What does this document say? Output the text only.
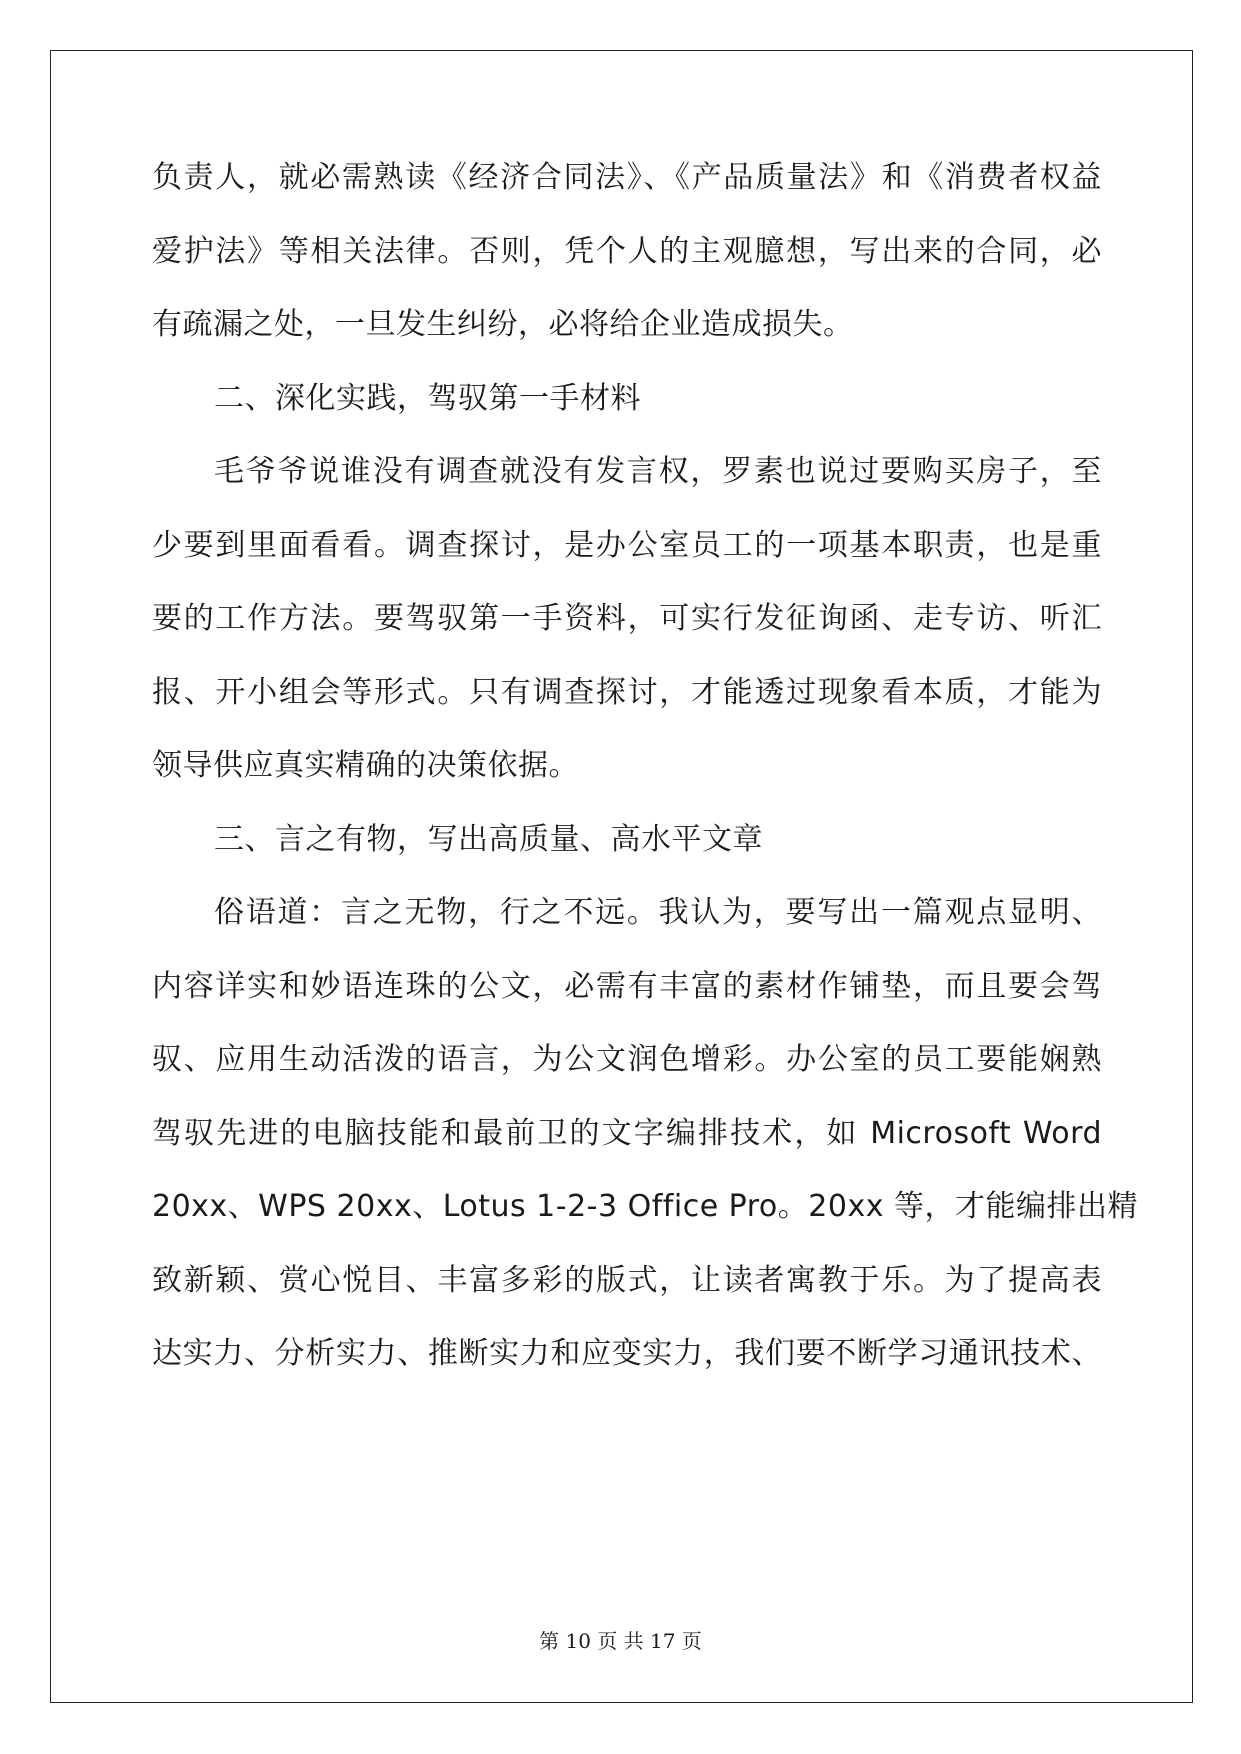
负责人，就必需熟读《经济合同法》、《产品质量法》和《消费者权益
爱护法》等相关法律。否则，凭个人的主观臆想，写出来的合同，必
有疏漏之处，一旦发生纠纷，必将给企业造成损失。
二、深化实践，驾驭第一手材料
毛爷爷说谁没有调查就没有发言权，罗素也说过要购买房子，至
少要到里面看看。调查探讨，是办公室员工的一项基本职责，也是重
要的工作方法。要驾驭第一手资料，可实行发征询函、走专访、听汇
报、开小组会等形式。只有调查探讨，才能透过现象看本质，才能为
领导供应真实精确的决策依据。
三、言之有物，写出高质量、高水平文章
俗语道：言之无物，行之不远。我认为，要写出一篇观点显明、
内容详实和妙语连珠的公文，必需有丰富的素材作铺垫，而且要会驾
驭、应用生动活泼的语言，为公文润色增彩。办公室的员工要能娴熟
驾驭先进的电脑技能和最前卫的文字编排技术，如 Microsoft Word
20xx、WPS 20xx、Lotus 1-2-3 Office Pro。20xx 等，才能编排出精
致新颖、赏心悦目、丰富多彩的版式，让读者寓教于乐。为了提高表
达实力、分析实力、推断实力和应变实力，我们要不断学习通讯技术、
第 10 页 共 17 页
